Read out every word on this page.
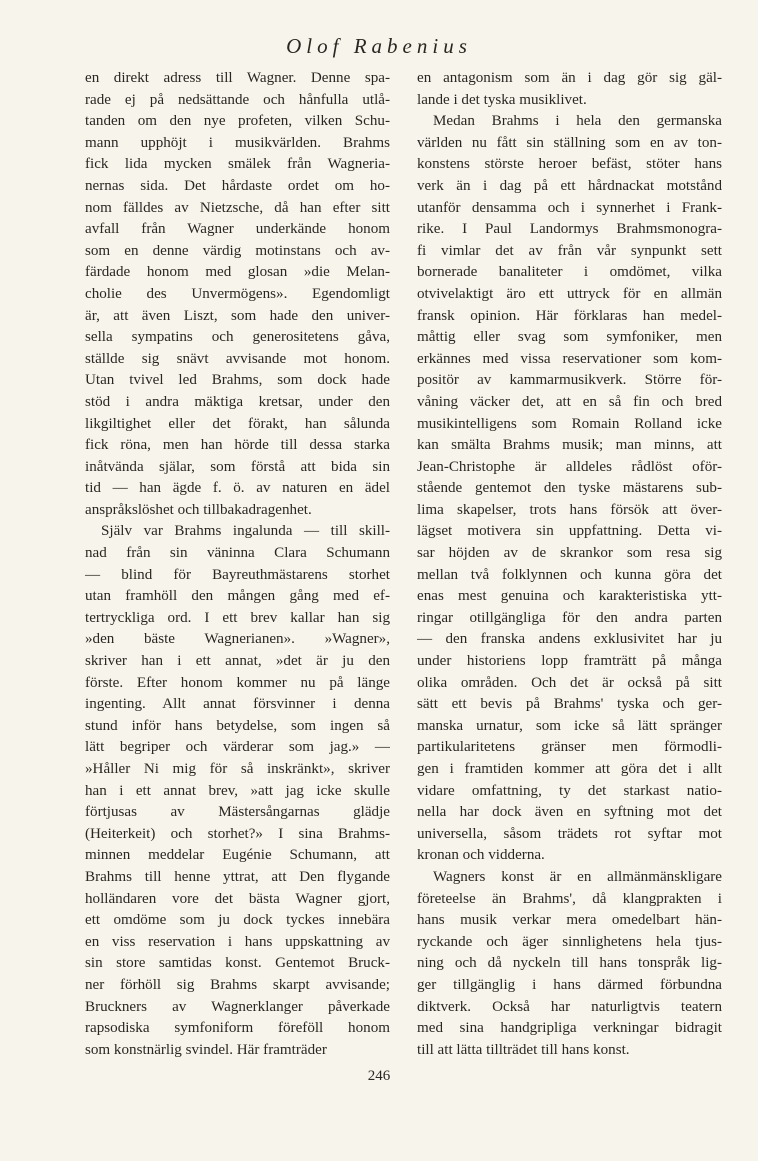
Olof Rabenius
en direkt adress till Wagner. Denne spa-
rade ej på nedsättande och hånfulla utlå-
tanden om den nye profeten, vilken Schu-
mann upphöjt i musikvärlden. Brahms
fick lida mycken smälek från Wagneria-
nernas sida. Det hårdaste ordet om ho-
nom fälldes av Nietzsche, då han efter sitt
avfall från Wagner underkände honom
som en denne värdig motinstans och av-
färdade honom med glosan »die Melan-
cholie des Unvermögens». Egendomligt
är, att även Liszt, som hade den univer-
sella sympatins och generositetens gåva,
ställde sig snävt avvisande mot honom.
Utan tvivel led Brahms, som dock hade
stöd i andra mäktiga kretsar, under den
likgiltighet eller det förakt, han sålunda
fick röna, men han hörde till dessa starka
inåtvända själar, som förstå att bida sin
tid — han ägde f. ö. av naturen en ädel
anspråkslöshet och tillbakadragenhet.
Själv var Brahms ingalunda — till skill-
nad från sin väninna Clara Schumann
— blind för Bayreuthmästarens storhet
utan framhöll den mången gång med ef-
tertryckliga ord. I ett brev kallar han sig
»den bäste Wagnerianen». »Wagner»,
skriver han i ett annat, »det är ju den
förste. Efter honom kommer nu på länge
ingenting. Allt annat försvinner i denna
stund inför hans betydelse, som ingen så
lätt begriper och värderar som jag.» —
»Håller Ni mig för så inskränkt», skriver
han i ett annat brev, »att jag icke skulle
förtjusas av Mästersångarnas glädje
(Heiterkeit) och storhet?» I sina Brahms-
minnen meddelar Eugénie Schumann, att
Brahms till henne yttrat, att Den flygande
holländaren vore det bästa Wagner gjort,
ett omdöme som ju dock tyckes innebära
en viss reservation i hans uppskattning av
sin store samtidas konst. Gentemot Bruck-
ner förhöll sig Brahms skarpt avvisande;
Bruckners av Wagnerklanger påverkade
rapsodiska symfoniform föreföll honom
som konstnärlig svindel. Här framträder
en antagonism som än i dag gör sig gäl-
lande i det tyska musiklivet.
Medan Brahms i hela den germanska
världen nu fått sin ställning som en av ton-
konstens störste heroer befäst, stöter hans
verk än i dag på ett hårdnackat motstånd
utanför densamma och i synnerhet i Frank-
rike. I Paul Landormys Brahmsmonogra-
fi vimlar det av från vår synpunkt sett
bornerade banaliteter i omdömet, vilka
otvivelaktigt äro ett uttryck för en allmän
fransk opinion. Här förklaras han medel-
måttig eller svag som symfoniker, men
erkännes med vissa reservationer som kom-
positör av kammarmusikverk. Större för-
våning väcker det, att en så fin och bred
musikintelligens som Romain Rolland icke
kan smälta Brahms musik; man minns, att
Jean-Christophe är alldeles rådlöst oför-
stående gentemot den tyske mästarens sub-
lima skapelser, trots hans försök att över-
lägset motivera sin uppfattning. Detta vi-
sar höjden av de skrankor som resa sig
mellan två folklynnen och kunna göra det
enas mest genuina och karakteristiska ytt-
ringar otillgängliga för den andra parten
— den franska andens exklusivitet har ju
under historiens lopp framträtt på många
olika områden. Och det är också på sitt
sätt ett bevis på Brahms' tyska och ger-
manska urnatur, som icke så lätt spränger
partikularitetens gränser men förmodli-
gen i framtiden kommer att göra det i allt
vidare omfattning, ty det starkast natio-
nella har dock även en syftning mot det
universella, såsom trädets rot syftar mot
kronan och vidderna.
Wagners konst är en allmänmänskligare
företeelse än Brahms', då klangprakten i
hans musik verkar mera omedelbart hän-
ryckande och äger sinnlighetens hela tjus-
ning och då nyckeln till hans tonspråk lig-
ger tillgänglig i hans därmed förbundna
diktverk. Också har naturligtvis teatern
med sina handgripliga verkningar bidragit
till att lätta tillträdet till hans konst.
246
